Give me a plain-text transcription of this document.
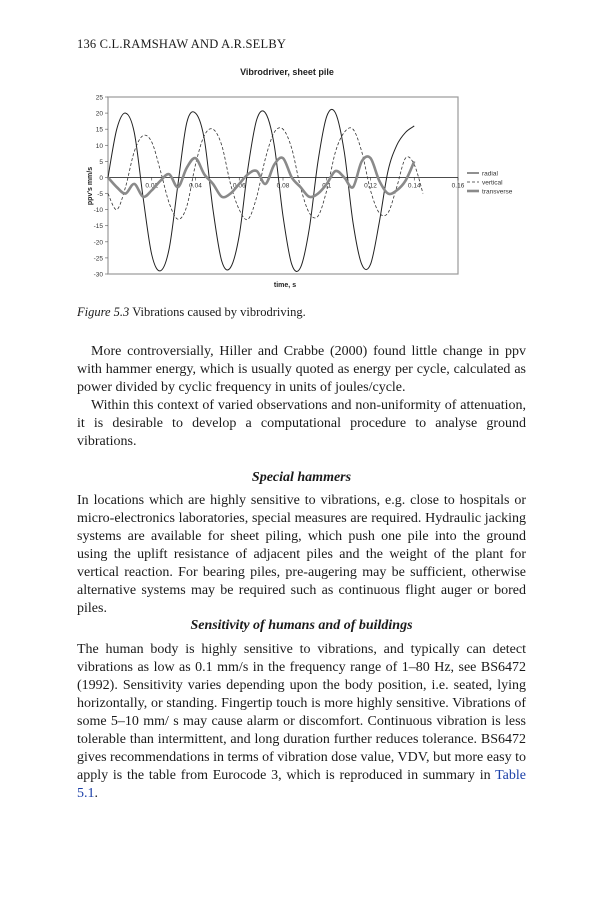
136 C.L.RAMSHAW AND A.R.SELBY
Vibrodriver, sheet pile
25
20
15
10
5
0
-5
-10
-15
-20
-25
-30
0.02	0.04	0.06	0.08	0.1	0.12	0.14	0.16
ppv's mm/s
time, s
radial
vertical
transverse
Figure 5.3 Vibrations caused by vibrodriving.

More controversially, Hiller and Crabbe (2000) found little change in ppv with hammer energy, which is usually quoted as energy per cycle, calculated as power divided by cyclic frequency in units of joules/cycle.

Within this context of varied observations and non-uniformity of attenuation, it is desirable to develop a computational procedure to analyse ground vibrations.

Special hammers

In locations which are highly sensitive to vibrations, e.g. close to hospitals or micro-electronics laboratories, special measures are required. Hydraulic jacking systems are available for sheet piling, which push one pile into the ground using the uplift resistance of adjacent piles and the weight of the plant for vertical reaction. For bearing piles, pre-augering may be sufficient, otherwise alternative systems may be required such as continuous flight auger or bored piles.

Sensitivity of humans and of buildings

The human body is highly sensitive to vibrations, and typically can detect vibrations as low as 0.1 mm/s in the frequency range of 1–80 Hz, see BS6472 (1992). Sensitivity varies depending upon the body position, i.e. seated, lying horizontally, or standing. Fingertip touch is more highly sensitive. Vibrations of some 5–10 mm/ s may cause alarm or discomfort. Continuous vibration is less tolerable than intermittent, and long duration further reduces tolerance. BS6472 gives recommendations in terms of vibration dose value, VDV, but more easy to apply is the table from Eurocode 3, which is reproduced in summary in Table 5.1.
